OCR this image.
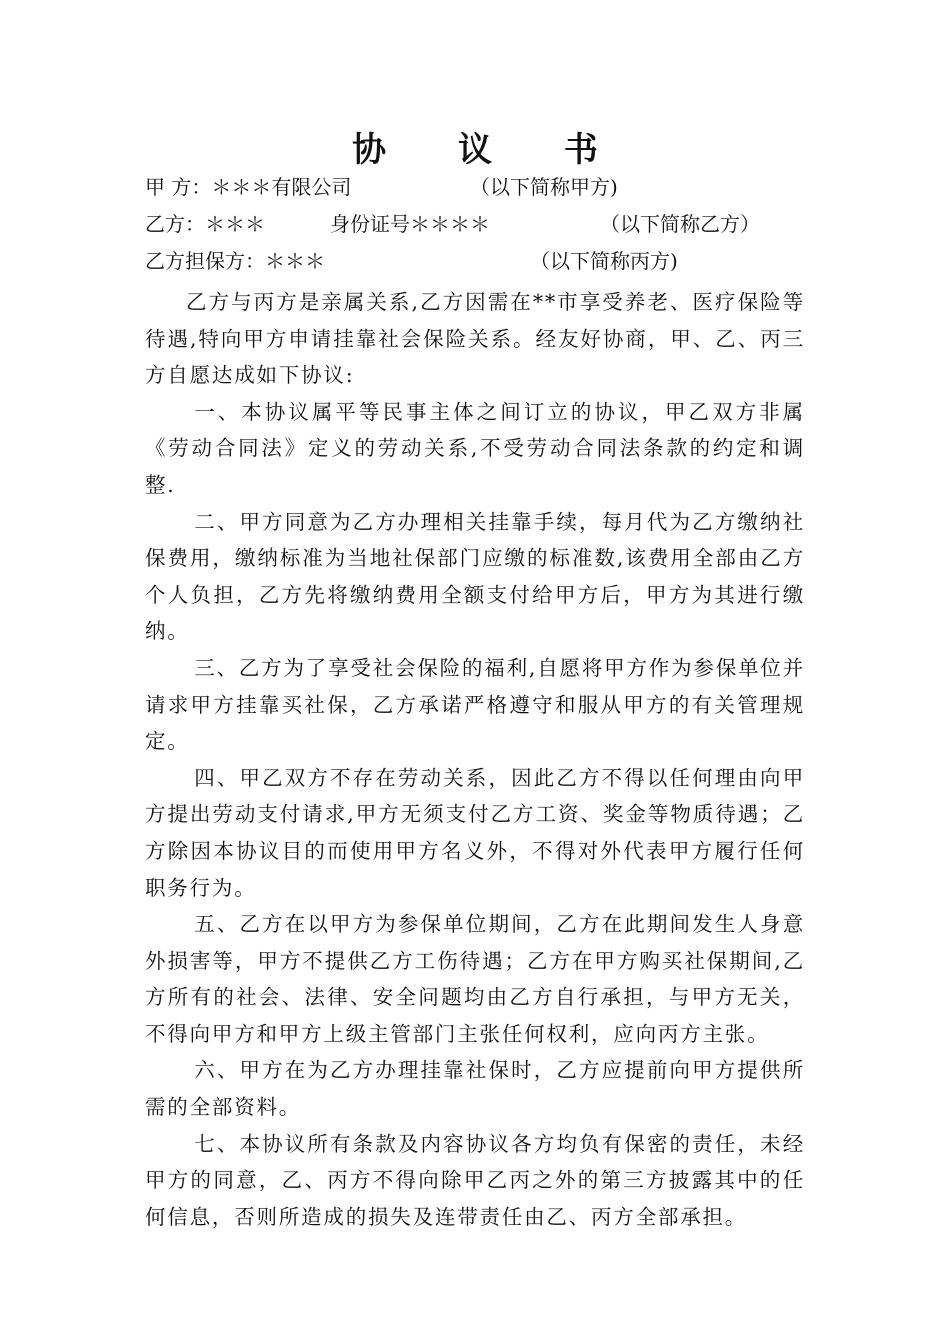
协 议 书
甲 方：＊＊＊有限公司	（以下简称甲方)
乙方：＊＊＊	身份证号＊＊＊＊	（以下简称乙方）
乙方担保方：＊＊＊	（以下简称丙方)

乙方与丙方是亲属关系,乙方因需在**市享受养老、医疗保险等待遇,特向甲方申请挂靠社会保险关系。经友好协商，甲、乙、丙三方自愿达成如下协议:

一、本协议属平等民事主体之间订立的协议，甲乙双方非属《劳动合同法》定义的劳动关系,不受劳动合同法条款的约定和调整.

二、甲方同意为乙方办理相关挂靠手续，每月代为乙方缴纳社保费用，缴纳标准为当地社保部门应缴的标准数,该费用全部由乙方个人负担，乙方先将缴纳费用全额支付给甲方后，甲方为其进行缴纳。

三、乙方为了享受社会保险的福利,自愿将甲方作为参保单位并请求甲方挂靠买社保，乙方承诺严格遵守和服从甲方的有关管理规定。

四、甲乙双方不存在劳动关系，因此乙方不得以任何理由向甲方提出劳动支付请求,甲方无须支付乙方工资、奖金等物质待遇；乙方除因本协议目的而使用甲方名义外，不得对外代表甲方履行任何职务行为。

五、乙方在以甲方为参保单位期间，乙方在此期间发生人身意外损害等，甲方不提供乙方工伤待遇；乙方在甲方购买社保期间,乙方所有的社会、法律、安全问题均由乙方自行承担，与甲方无关，不得向甲方和甲方上级主管部门主张任何权利，应向丙方主张。

六、甲方在为乙方办理挂靠社保时，乙方应提前向甲方提供所需的全部资料。

七、本协议所有条款及内容协议各方均负有保密的责任，未经甲方的同意，乙、丙方不得向除甲乙丙之外的第三方披露其中的任何信息，否则所造成的损失及连带责任由乙、丙方全部承担。
